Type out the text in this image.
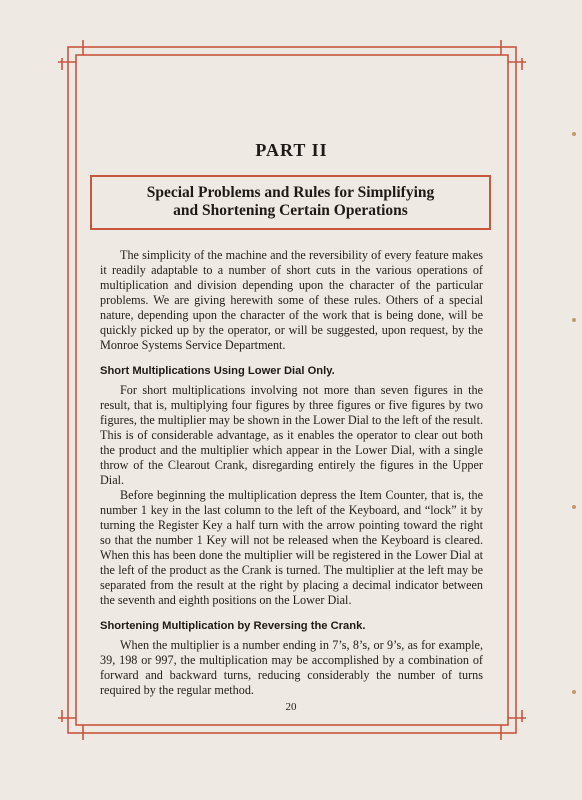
PART II
Special Problems and Rules for Simplifying
and Shortening Certain Operations

The simplicity of the machine and the reversibility of every feature makes it readily adaptable to a number of short cuts in the various operations of multiplication and division depending upon the character of the particular problems. We are giving herewith some of these rules. Others of a special nature, depending upon the character of the work that is being done, will be quickly picked up by the operator, or will be suggested, upon request, by the Monroe Systems Service Department.

Short Multiplications Using Lower Dial Only.

For short multiplications involving not more than seven figures in the result, that is, multiplying four figures by three figures or five figures by two figures, the multiplier may be shown in the Lower Dial to the left of the result. This is of considerable advantage, as it enables the operator to clear out both the product and the multiplier which appear in the Lower Dial, with a single throw of the Clearout Crank, disregarding entirely the figures in the Upper Dial.

Before beginning the multiplication depress the Item Counter, that is, the number 1 key in the last column to the left of the Keyboard, and “lock” it by turning the Register Key a half turn with the arrow pointing toward the right so that the number 1 Key will not be released when the Keyboard is cleared. When this has been done the multiplier will be registered in the Lower Dial at the left of the product as the Crank is turned. The multiplier at the left may be separated from the result at the right by placing a decimal indicator between the seventh and eighth positions on the Lower Dial.

Shortening Multiplication by Reversing the Crank.

When the multiplier is a number ending in 7’s, 8’s, or 9’s, as for example, 39, 198 or 997, the multiplication may be accomplished by a combination of forward and backward turns, reducing considerably the number of turns required by the regular method.

20
